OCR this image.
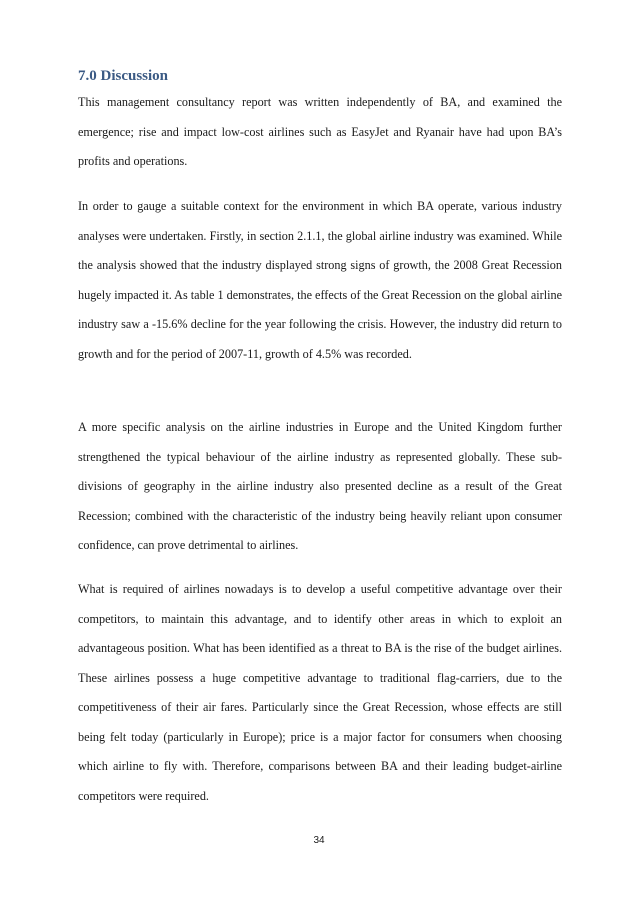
7.0 Discussion

This management consultancy report was written independently of BA, and examined the emergence; rise and impact low-cost airlines such as EasyJet and Ryanair have had upon BA’s profits and operations.

In order to gauge a suitable context for the environment in which BA operate, various industry analyses were undertaken. Firstly, in section 2.1.1, the global airline industry was examined. While the analysis showed that the industry displayed strong signs of growth, the 2008 Great Recession hugely impacted it. As table 1 demonstrates, the effects of the Great Recession on the global airline industry saw a -15.6% decline for the year following the crisis. However, the industry did return to growth and for the period of 2007-11, growth of 4.5% was recorded.

A more specific analysis on the airline industries in Europe and the United Kingdom further strengthened the typical behaviour of the airline industry as represented globally. These sub-divisions of geography in the airline industry also presented decline as a result of the Great Recession; combined with the characteristic of the industry being heavily reliant upon consumer confidence, can prove detrimental to airlines.

What is required of airlines nowadays is to develop a useful competitive advantage over their competitors, to maintain this advantage, and to identify other areas in which to exploit an advantageous position. What has been identified as a threat to BA is the rise of the budget airlines. These airlines possess a huge competitive advantage to traditional flag-carriers, due to the competitiveness of their air fares. Particularly since the Great Recession, whose effects are still being felt today (particularly in Europe); price is a major factor for consumers when choosing which airline to fly with. Therefore, comparisons between BA and their leading budget-airline competitors were required.

34
